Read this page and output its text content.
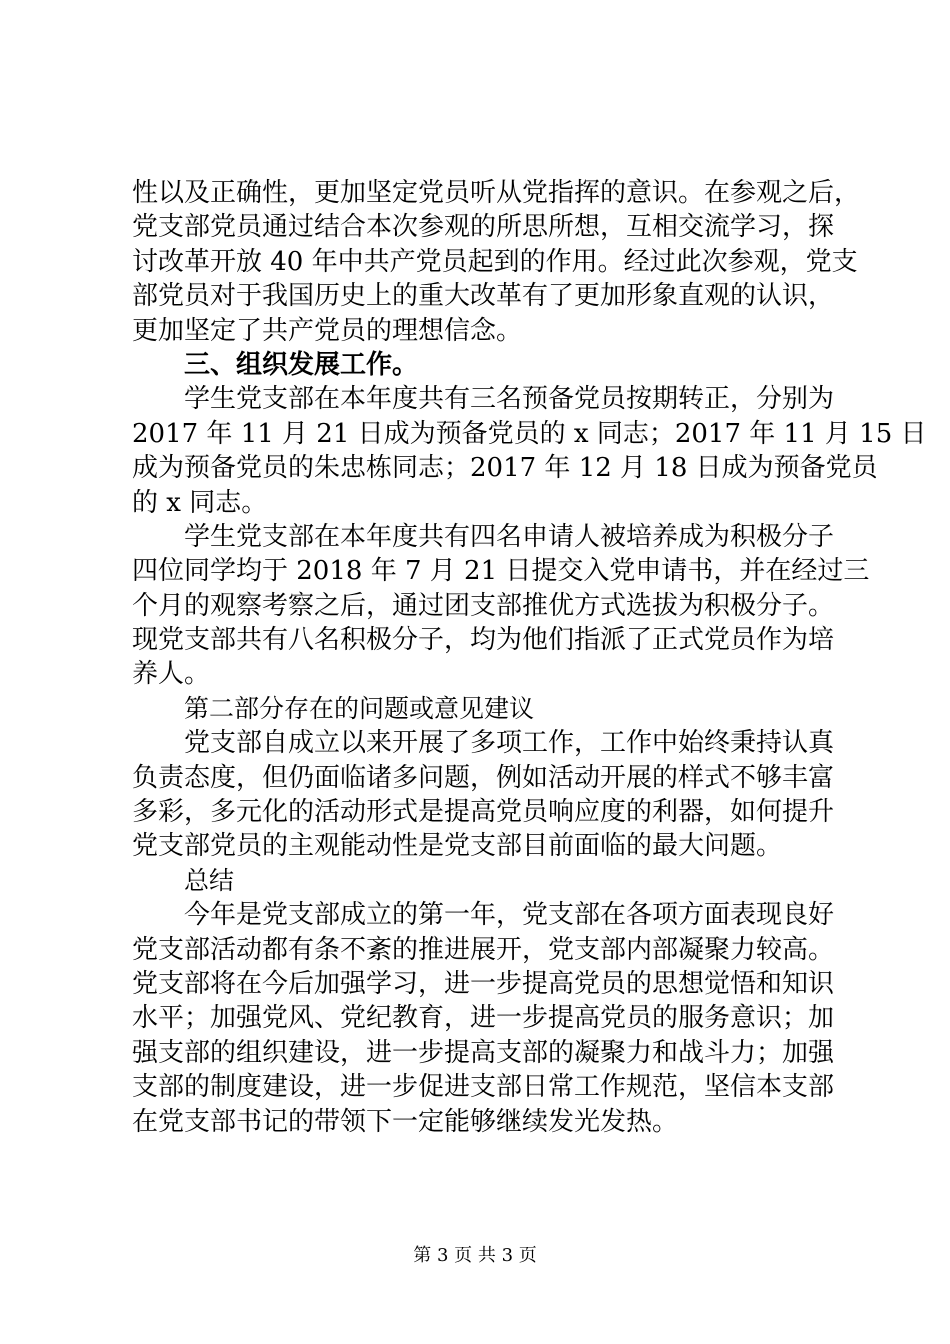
性以及正确性，更加坚定党员听从党指挥的意识。在参观之后，
党支部党员通过结合本次参观的所思所想，互相交流学习，探
讨改革开放 40 年中共产党员起到的作用。经过此次参观，党支
部党员对于我国历史上的重大改革有了更加形象直观的认识，
更加坚定了共产党员的理想信念。
三、组织发展工作。
学生党支部在本年度共有三名预备党员按期转正，分别为
2017 年 11 月 21 日成为预备党员的 x 同志；2017 年 11 月 15 日
成为预备党员的朱忠栋同志；2017 年 12 月 18 日成为预备党员
的 x 同志。
学生党支部在本年度共有四名申请人被培养成为积极分子
四位同学均于 2018 年 7 月 21 日提交入党申请书，并在经过三
个月的观察考察之后，通过团支部推优方式选拔为积极分子。
现党支部共有八名积极分子，均为他们指派了正式党员作为培
养人。
第二部分存在的问题或意见建议
党支部自成立以来开展了多项工作，工作中始终秉持认真
负责态度，但仍面临诸多问题，例如活动开展的样式不够丰富
多彩，多元化的活动形式是提高党员响应度的利器，如何提升
党支部党员的主观能动性是党支部目前面临的最大问题。
总结
今年是党支部成立的第一年，党支部在各项方面表现良好
党支部活动都有条不紊的推进展开，党支部内部凝聚力较高。
党支部将在今后加强学习，进一步提高党员的思想觉悟和知识
水平；加强党风、党纪教育，进一步提高党员的服务意识；加
强支部的组织建设，进一步提高支部的凝聚力和战斗力；加强
支部的制度建设，进一步促进支部日常工作规范，坚信本支部
在党支部书记的带领下一定能够继续发光发热。
第 3 页 共 3 页
